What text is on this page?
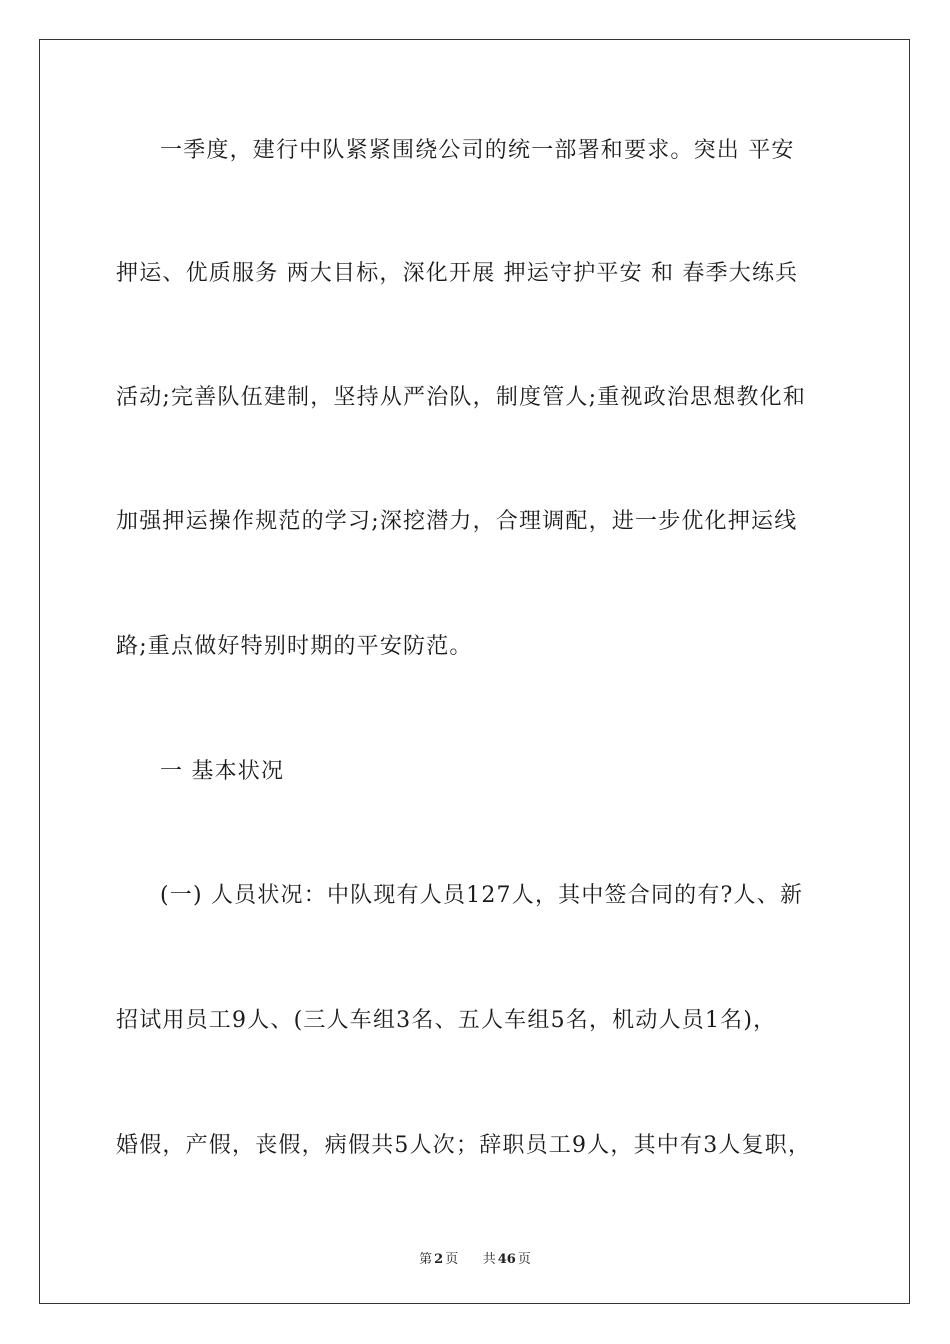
一季度，建行中队紧紧围绕公司的统一部署和要求。突出 平安
押运、优质服务 两大目标，深化开展 押运守护平安 和 春季大练兵
活动;完善队伍建制，坚持从严治队，制度管人;重视政治思想教化和
加强押运操作规范的学习;深挖潜力，合理调配，进一步优化押运线
路;重点做好特别时期的平安防范。
一 基本状况
(一) 人员状况：中队现有人员127人，其中签合同的有?人、新
招试用员工9人、(三人车组3名、五人车组5名，机动人员1名)，
婚假，产假，丧假，病假共5人次；辞职员工9人，其中有3人复职，
第 2 页 共 46 页
